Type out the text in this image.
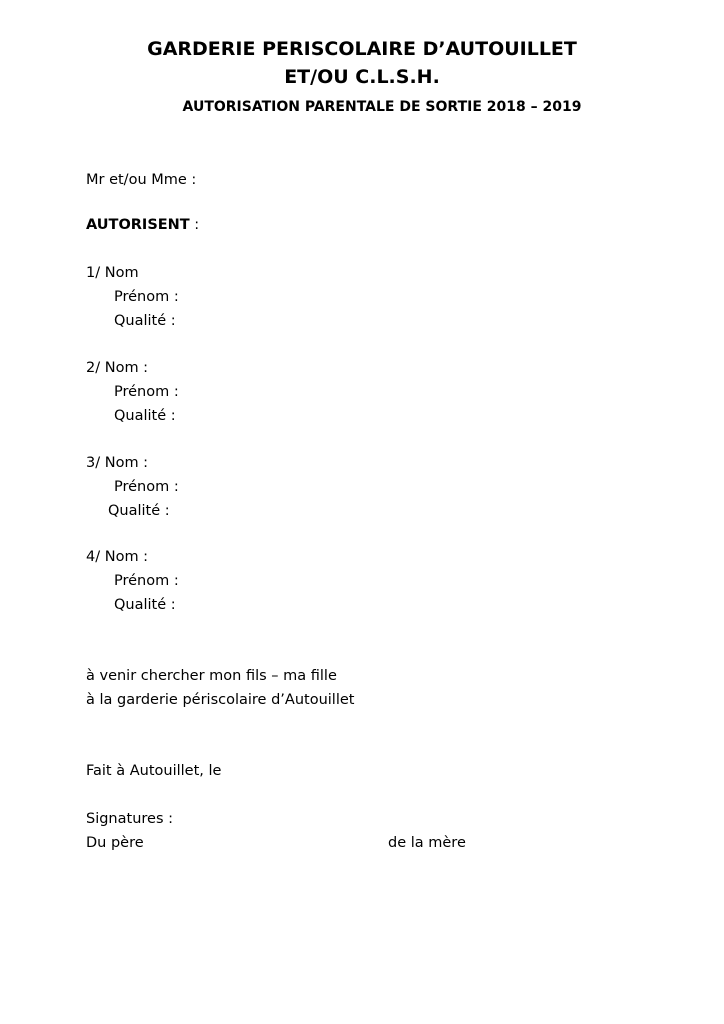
GARDERIE PERISCOLAIRE D’AUTOUILLET
ET/OU C.L.S.H.
AUTORISATION PARENTALE DE SORTIE 2018 – 2019
Mr et/ou Mme :
AUTORISENT :
1/ Nom
Prénom :
Qualité :
2/ Nom :
Prénom :
Qualité :
3/ Nom :
Prénom :
Qualité :
4/ Nom :
Prénom :
Qualité :
à venir chercher mon fils – ma fille
à la garderie périscolaire d’Autouillet
Fait à Autouillet, le
Signatures :
Du père	de la mère
